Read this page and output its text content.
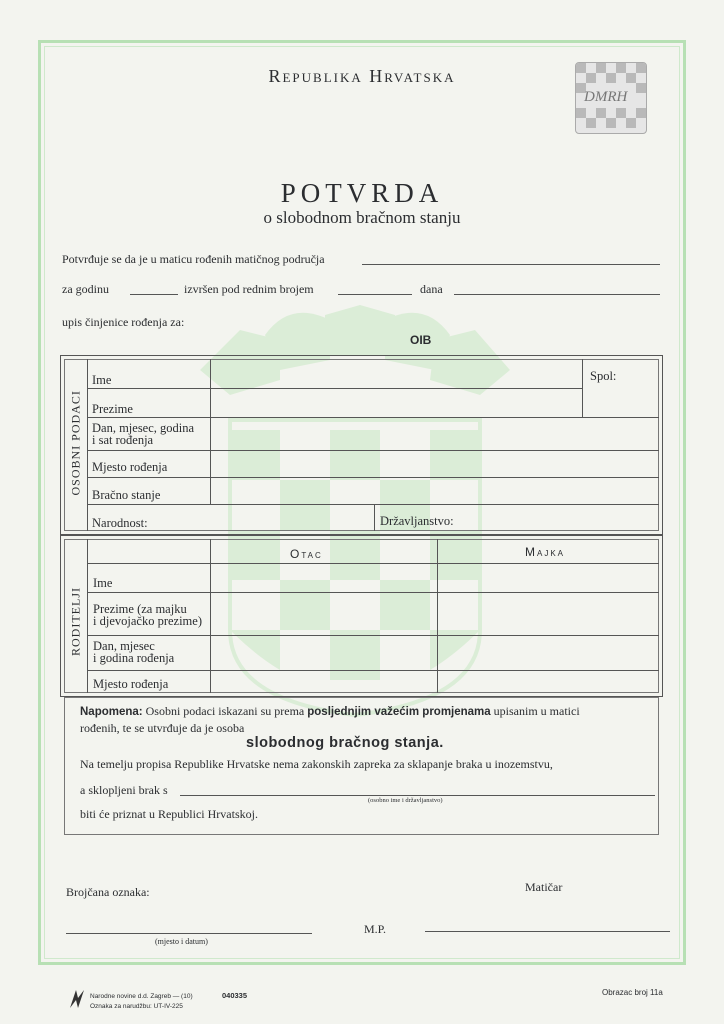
Republika Hrvatska
DMRH
POTVRDA
o slobodnom bračnom stanju
Potvrđuje se da je u maticu rođenih matičnog područja
za godinu	izvršen pod rednim brojem	dana
upis činjenice rođenja za:
OIB
OSOBNI PODACI
Ime	Spol:
Prezime
Dan, mjesec, godina
i sat rođenja
Mjesto rođenja
Bračno stanje
Narodnost:	Državljanstvo:
RODITELJI
Otac	Majka
Ime
Prezime (za majku
i djevojačko prezime)
Dan, mjesec
i godina rođenja
Mjesto rođenja
Napomena: Osobni podaci iskazani su prema posljednjim važećim promjenama upisanim u matici
rođenih, te se utvrđuje da je osoba
slobodnog bračnog stanja.
Na temelju propisa Republike Hrvatske nema zakonskih zapreka za sklapanje braka u inozemstvu,
a sklopljeni brak s
(osobno ime i državljanstvo)
biti će priznat u Republici Hrvatskoj.
Brojčana oznaka:	Matičar
(mjesto i datum)
M.P.
Narodne novine d.d. Zagreb — (10)	040335
Oznaka za narudžbu: UT-IV-225
Obrazac broj 11a
